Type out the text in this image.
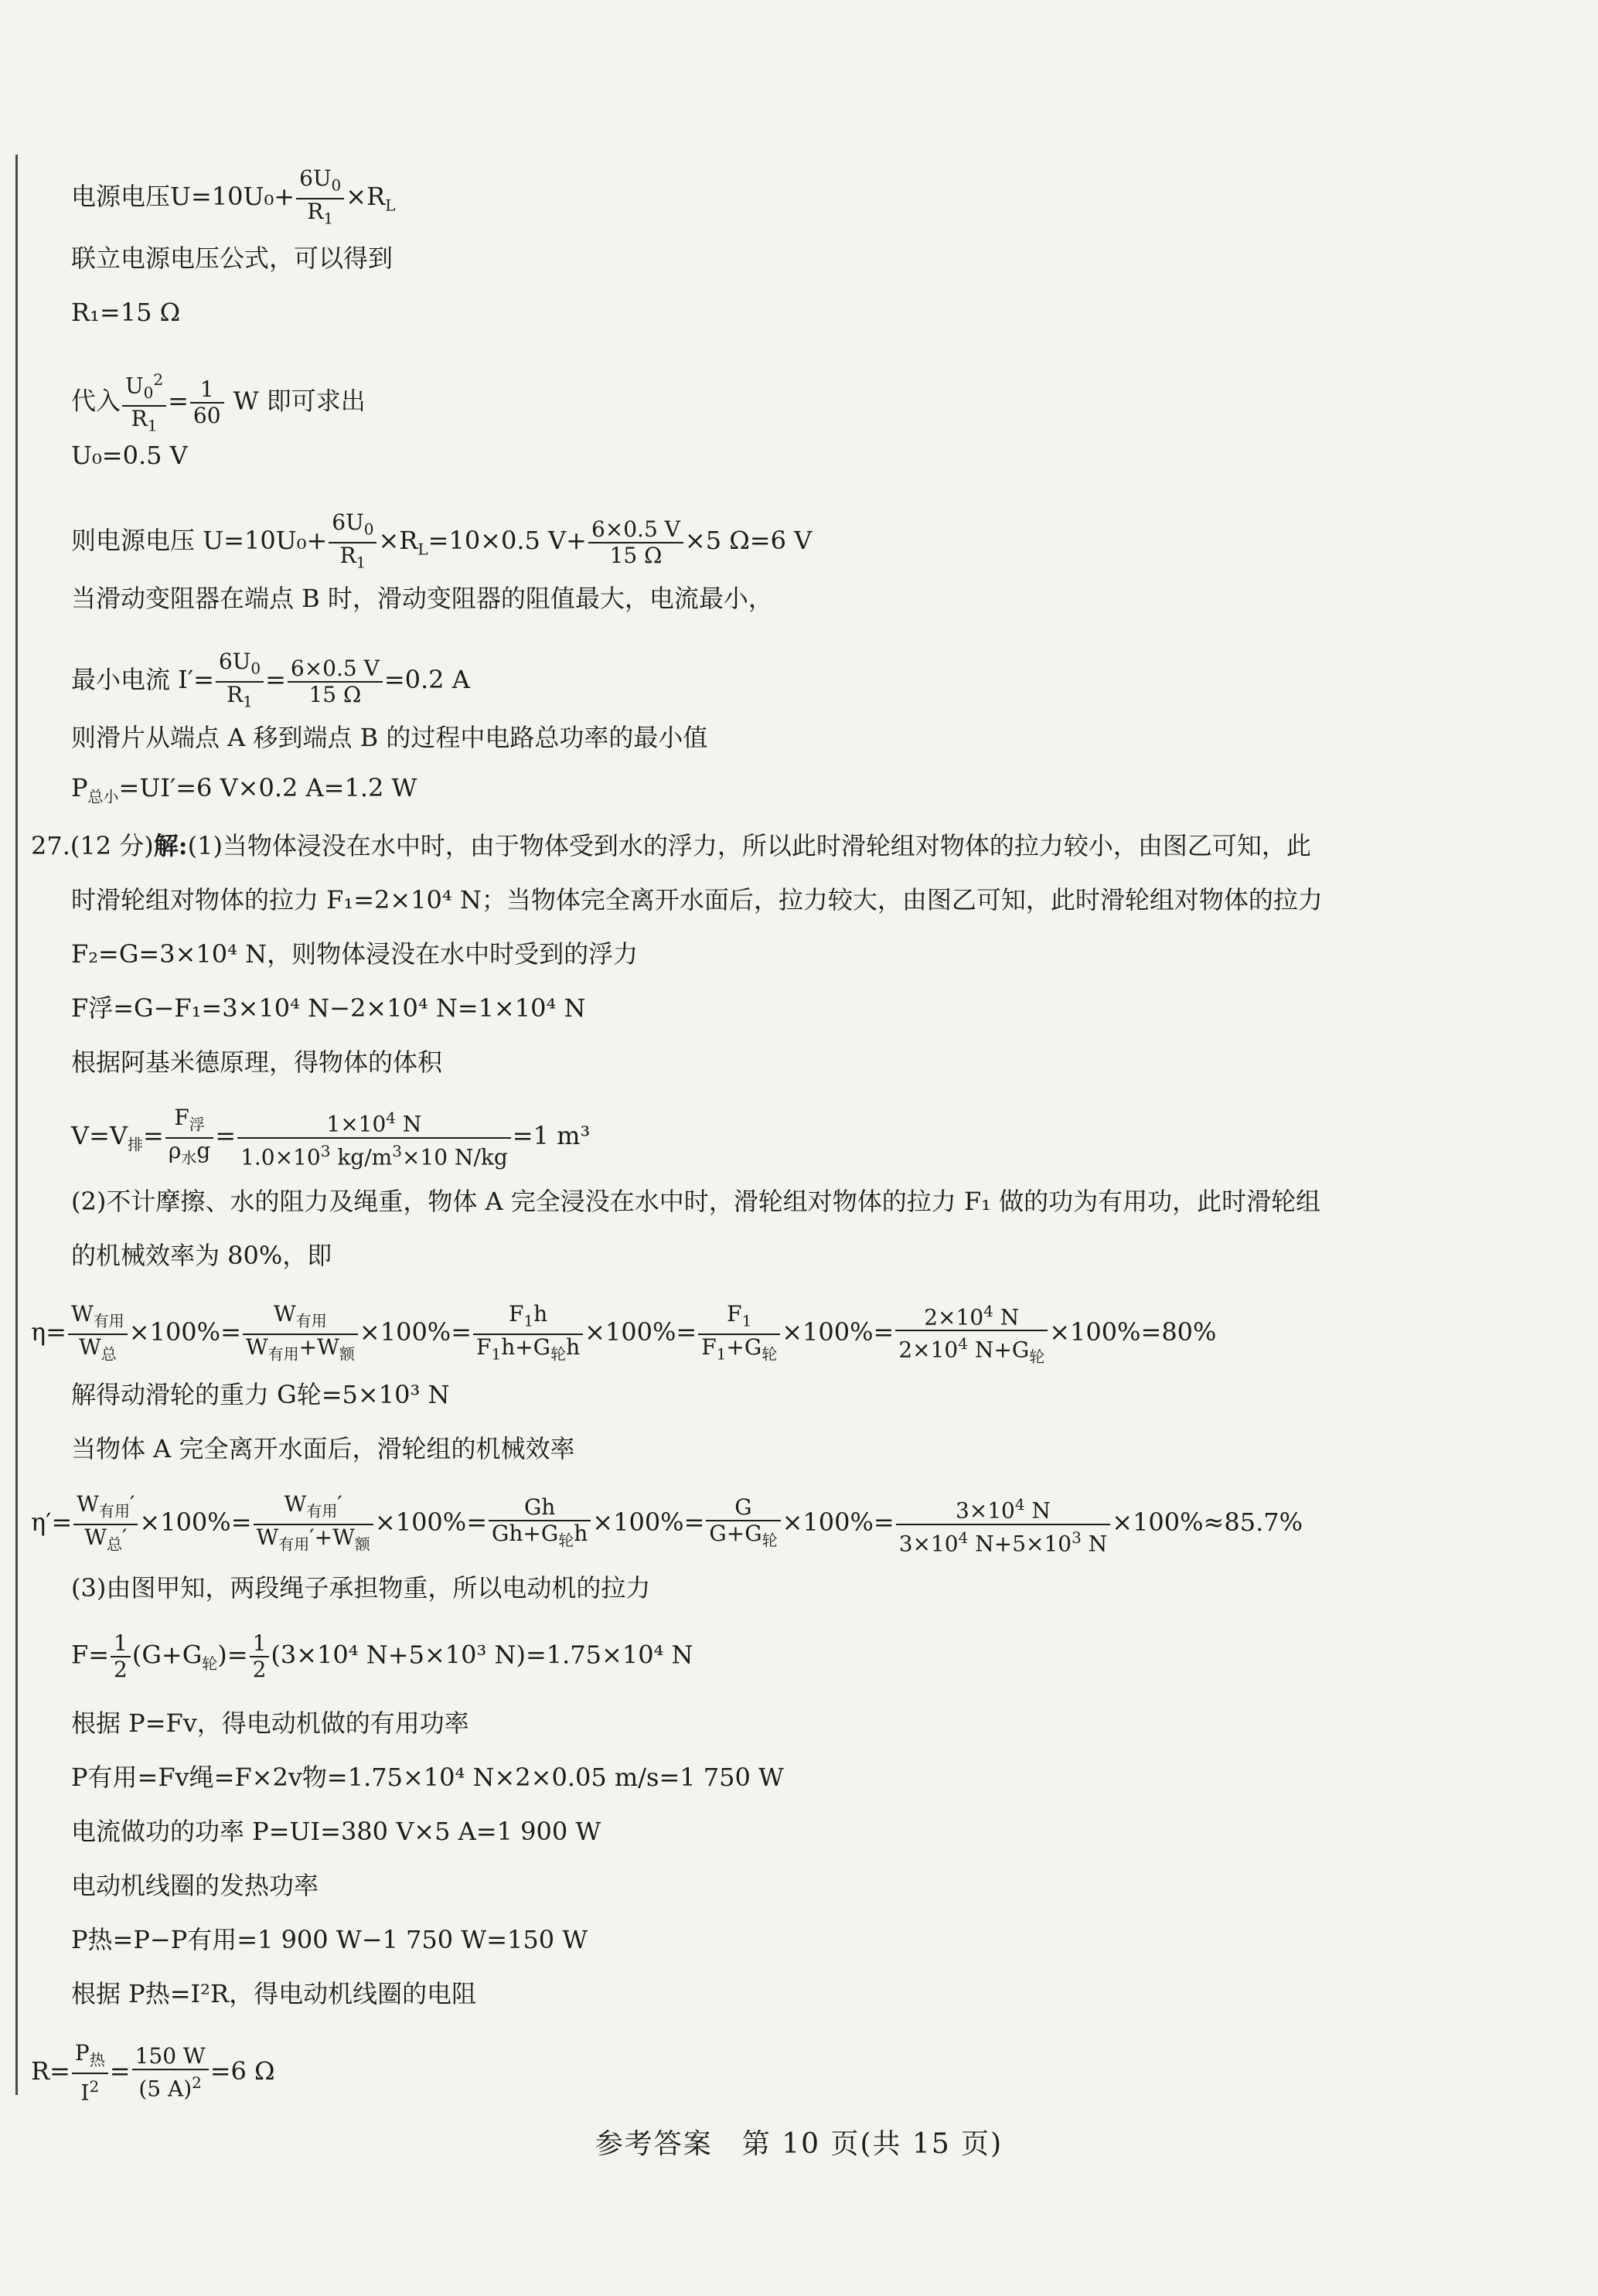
电源电压$U=10U_0+ \frac{6U_0}{R_1} \times R_L$
联立电源电压公式，可以得到
R₁=15 Ω
代入 $\frac{U_0^2}{R_1} = \frac{1}{60}$ W 即可求出
U₀=0.5 V
则电源电压 $U=10U_0+ \frac{6U_0}{R_1} \times R_L=10\times 0.5$ $V+ \frac{6\times 0.5 V}{15 \Omega} \times 5$ Ω=6 V
当滑动变阻器在端点 B 时，滑动变阻器的阻值最大，电流最小，
最小电流 $I'= \frac{6U_0}{R_1} = \frac{6\times 0.5 V}{15 \Omega} =0.2$ A
则滑片从端点 A 移到端点 B 的过程中电路总功率的最小值
$P_{总小}=UI'=6$ V×0.2 A=1.2 W
27.(12 分)解:(1)当物体浸没在水中时，由于物体受到水的浮力，所以此时滑轮组对物体的拉力较小，由图乙可知，此
时滑轮组对物体的拉力 F₁=2×10⁴ N；当物体完全离开水面后，拉力较大，由图乙可知，此时滑轮组对物体的拉力
F₂=G=3×10⁴ N，则物体浸没在水中时受到的浮力
F浮=G−F₁=3×10⁴ N−2×10⁴ N=1×10⁴ N
根据阿基米德原理，得物体的体积
$V=V_排= \frac{F_浮}{\rho_水g} = \frac{1\times 10^4 N}{1.0\times 10^3 kg/m^3\times 10 N/kg} =1$ m³
(2)不计摩擦、水的阻力及绳重，物体 A 完全浸没在水中时，滑轮组对物体的拉力 F₁ 做的功为有用功，此时滑轮组
的机械效率为 80%，即
$\eta= \frac{W_{有用}}{W_总} \times 100\%= \frac{W_{有用}}{W_{有用}+W_额} \times 100\%= \frac{F_1h}{F_1h+G_轮h} \times 100\%= \frac{F_1}{F_1+G_轮} \times 100\%= \frac{2\times 10^4 N}{2\times 10^4 N+G_轮} \times 100\%=80\%$
解得动滑轮的重力 G轮=5×10³ N
当物体 A 完全离开水面后，滑轮组的机械效率
$\eta'= \frac{W_{有用}'}{W_总'} \times 100\%= \frac{W_{有用}'}{W_{有用}'+W_额} \times 100\%= \frac{Gh}{Gh+G_轮h} \times 100\%= \frac{G}{G+G_轮} \times 100\%= \frac{3\times 10^4 N}{3\times 10^4 N+5\times 10^3 N} \times 100\%\approx 85.7\%$
(3)由图甲知，两段绳子承担物重，所以电动机的拉力
$F= \frac{1}{2} (G+G_轮)= \frac{1}{2} (3\times 10^4$ N+5×10³ N)=1.75×10⁴ N
根据 P=Fv，得电动机做的有用功率
P有用=Fv绳=F×2v物=1.75×10⁴ N×2×0.05 m/s=1 750 W
电流做功的功率 P=UI=380 V×5 A=1 900 W
电动机线圈的发热功率
P热=P−P有用=1 900 W−1 750 W=150 W
根据 P热=I²R，得电动机线圈的电阻
$R= \frac{P_热}{I^2} = \frac{150 W}{(5 A)^2} =6$ Ω
参考答案　第 10 页(共 15 页)
